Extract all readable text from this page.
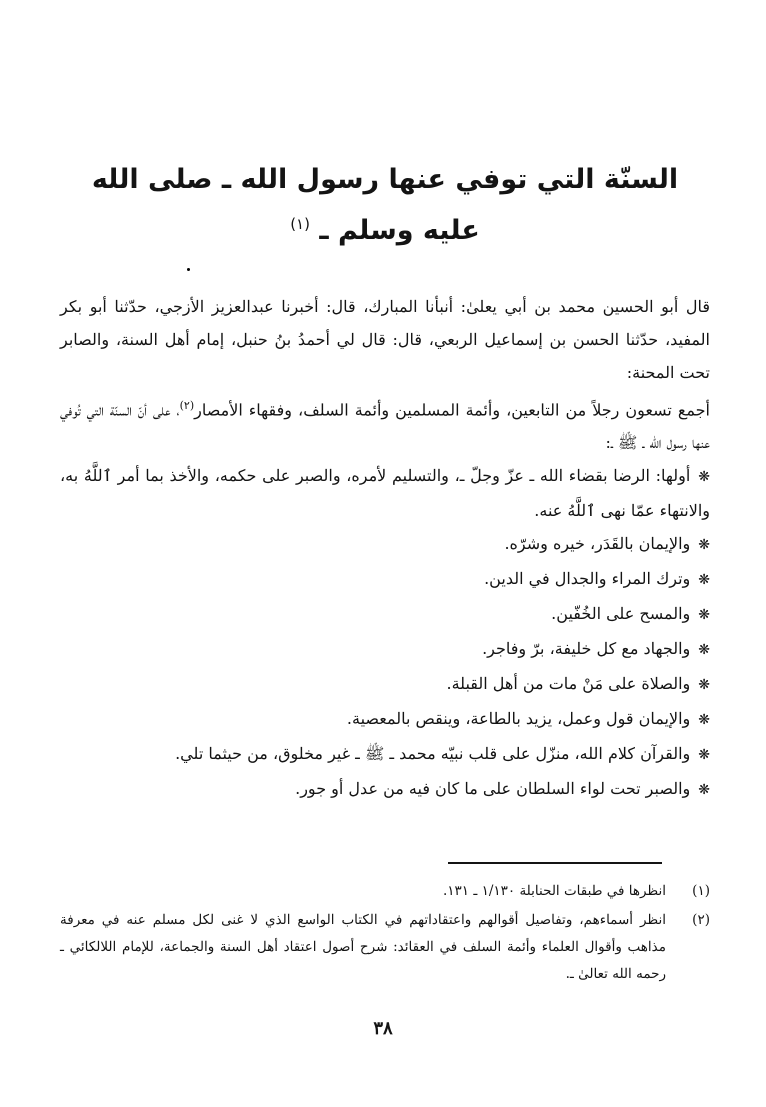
السنّة التي توفي عنها رسول الله ـ صلى الله عليه وسلم ـ $^{(١)}$

قال أبو الحسين محمد بن أبي يعلىٰ: أنبأنا المبارك، قال: أخبرنا عبدالعزيز الأزجي، حدّثنا أبو بكر المفيد، حدّثنا الحسن بن إسماعيل الربعي، قال: قال لي أحمدُ بنُ حنبل، إمام أهل السنة، والصابر تحت المحنة:

أجمع تسعون رجلاً من التابعين، وأئمة المسلمين وأئمة السلف، وفقهاء الأمصار$^{(٢)}$، على أنّ السنّة التي تُوفي عنها رسول الله ـ ﷺ ـ:

❋أولها: الرضا بقضاء الله ـ عزّ وجلّ ـ، والتسليم لأمره، والصبر على حكمه، والأخذ بما أمر ٱللَّهُ به، والانتهاء عمّا نهى ٱللَّهُ عنه.
❋والإيمان بالقَدَر، خيره وشرّه.
❋وترك المراء والجدال في الدين.
❋والمسح على الخُفّين.
❋والجهاد مع كل خليفة، برّ وفاجر.
❋والصلاة على مَنْ مات من أهل القبلة.
❋والإيمان قول وعمل، يزيد بالطاعة، وينقص بالمعصية.
❋والقرآن كلام الله، منزّل على قلب نبيّه محمد ـ ﷺ ـ غير مخلوق، من حيثما تلي.
❋والصبر تحت لواء السلطان على ما كان فيه من عدل أو جور.
(١)
انظرها في طبقات الحنابلة ١/١٣٠ ـ ١٣١.
(٢)
انظر أسماءهم، وتفاصيل أقوالهم واعتقاداتهم في الكتاب الواسع الذي لا غنى لكل مسلم عنه في معرفة مذاهب وأقوال العلماء وأئمة السلف في العقائد: شرح أصول اعتقاد أهل السنة والجماعة، للإمام اللالكائي ـ رحمه الله تعالىٰ ـ.
٣٨
